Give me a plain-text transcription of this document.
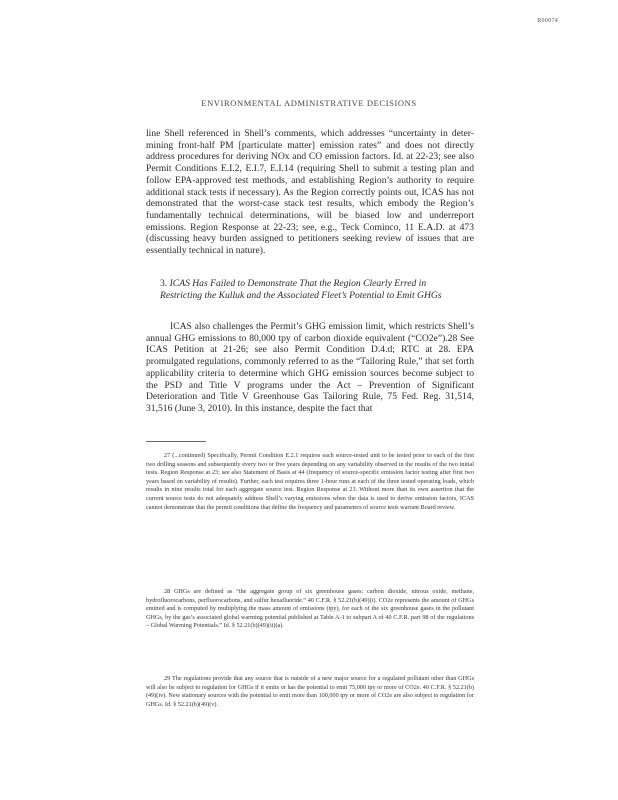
R00074
ENVIRONMENTAL ADMINISTRATIVE DECISIONS
line Shell referenced in Shell’s comments, which addresses “uncertainty in deter-mining front-half PM [particulate matter] emission rates” and does not directly address procedures for deriving NOx and CO emission factors. Id. at 22-23; see also Permit Conditions E.I.2, E.I.7, E.I.14 (requiring Shell to submit a testing plan and follow EPA-approved test methods, and establishing Region’s authority to require additional stack tests if necessary). As the Region correctly points out, ICAS has not demonstrated that the worst-case stack test results, which embody the Region’s fundamentally technical determinations, will be biased low and underreport emissions. Region Response at 22-23; see, e.g., Teck Cominco, 11 E.A.D. at 473 (discussing heavy burden assigned to petitioners seeking review of issues that are essentially technical in nature).
3. ICAS Has Failed to Demonstrate That the Region Clearly Erred in Restricting the Kulluk and the Associated Fleet’s Potential to Emit GHGs
ICAS also challenges the Permit’s GHG emission limit, which restricts Shell’s annual GHG emissions to 80,000 tpy of carbon dioxide equivalent (“CO2e”).28 See ICAS Petition at 21-26; see also Permit Condition D.4.d; RTC at 28. EPA promulgated regulations, commonly referred to as the “Tailoring Rule,” that set forth applicability criteria to determine which GHG emission sources become subject to the PSD and Title V programs under the Act – Prevention of Significant Deterioration and Title V Greenhouse Gas Tailoring Rule, 75 Fed. Reg. 31,514, 31,516 (June 3, 2010). In this instance, despite the fact that
27 (...continued) Specifically, Permit Condition E.2.1 requires each source-tested unit to be tested prior to each of the first two drilling seasons and subsequently every two or five years depending on any variability observed in the results of the two initial tests. Region Response at 23; see also Statement of Basis at 44 (frequency of source-specific emission factor testing after first two years based on variability of results). Further, each test requires three 1-hour runs at each of the three tested operating loads, which results in nine results total for each aggregate source test. Region Response at 23. Without more than its own assertion that the current source tests do not adequately address Shell’s varying emissions when the data is used to derive emission factors, ICAS cannot demonstrate that the permit conditions that define the frequency and parameters of source tests warrant Board review.
28 GHGs are defined as “the aggregate group of six greenhouse gases: carbon dioxide, nitrous oxide, methane, hydrofluorocarbons, perfluorocarbons, and sulfur hexafluoride.” 40 C.F.R. § 52.21(b)(49)(i). CO2e represents the amount of GHGs emitted and is computed by multiplying the mass amount of emissions (tpy), for each of the six greenhouse gases in the pollutant GHGs, by the gas’s associated global warming potential published at Table A-1 to subpart A of 40 C.F.R. part 98 of the regulations – Global Warming Potentials.” Id. § 52.21(b)(49)(ii)(a).
29 The regulations provide that any source that is outside of a new major source for a regulated pollutant other than GHGs will also be subject to regulation for GHGs if it emits or has the potential to emit 75,000 tpy or more of CO2e. 40 C.F.R. § 52.21(b)(49)(iv). New stationary sources with the potential to emit more than 100,000 tpy or more of CO2e are also subject to regulation for GHGs. Id. § 52.21(b)(49)(v).
